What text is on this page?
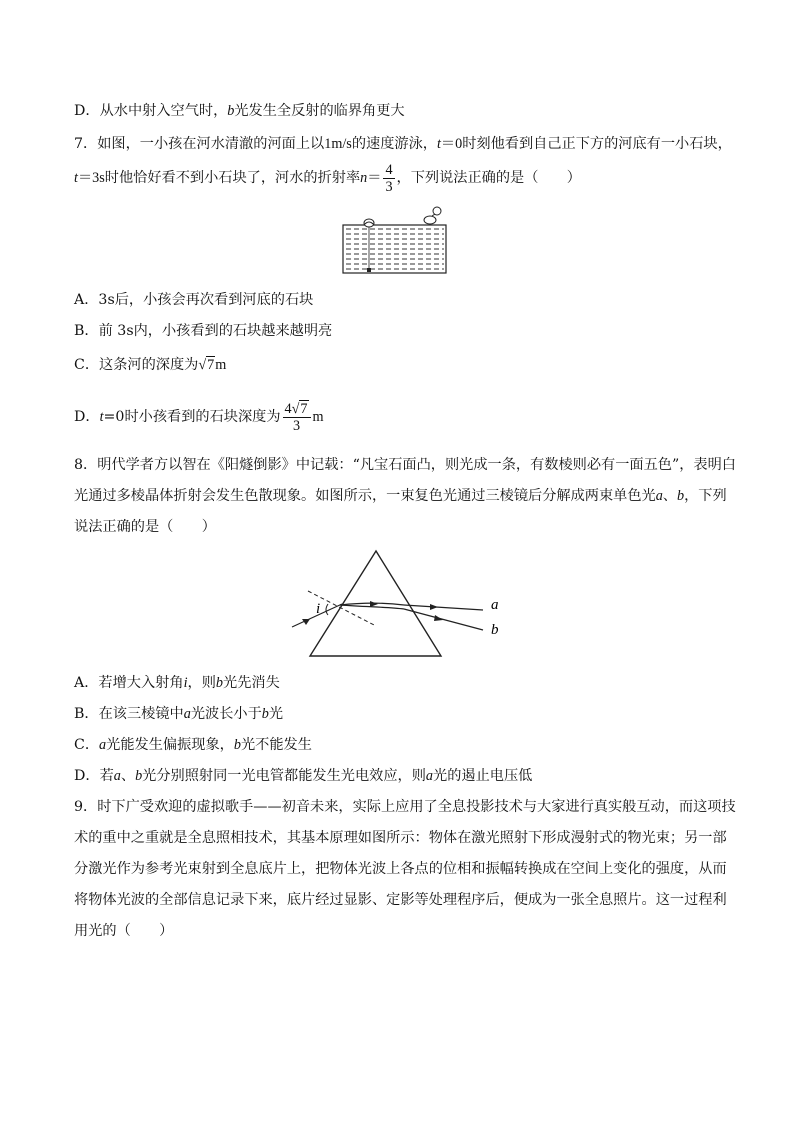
D．从水中射入空气时，b光发生全反射的临界角更大
7．如图，一小孩在河水清澈的河面上以1m/s的速度游泳，t＝0时刻他看到自己正下方的河底有一小石块，
t＝3s时他恰好看不到小石块了，河水的折射率$n= \frac{4}{3}$ ，下列说法正确的是（　　）
A．3s后，小孩会再次看到河底的石块
B．前 3s内，小孩看到的石块越来越明亮
C．这条河的深度为√7m
D．t=0时小孩看到的石块深度为 $\frac{4√7}{3}$ m
8．明代学者方以智在《阳燧倒影》中记载：“凡宝石面凸，则光成一条，有数棱则必有一面五色”，表明白
光通过多棱晶体折射会发生色散现象。如图所示，一束复色光通过三棱镜后分解成两束单色光a、b，下列
说法正确的是（　　）
i	a
b
A．若增大入射角i，则b光先消失
B．在该三棱镜中a光波长小于b光
C．a光能发生偏振现象，b光不能发生
D．若a、b光分别照射同一光电管都能发生光电效应，则a光的遏止电压低
9．时下广受欢迎的虚拟歌手——初音未来，实际上应用了全息投影技术与大家进行真实般互动，而这项技
术的重中之重就是全息照相技术，其基本原理如图所示：物体在激光照射下形成漫射式的物光束；另一部
分激光作为参考光束射到全息底片上，把物体光波上各点的位相和振幅转换成在空间上变化的强度，从而
将物体光波的全部信息记录下来，底片经过显影、定影等处理程序后，便成为一张全息照片。这一过程利
用光的（　　）
